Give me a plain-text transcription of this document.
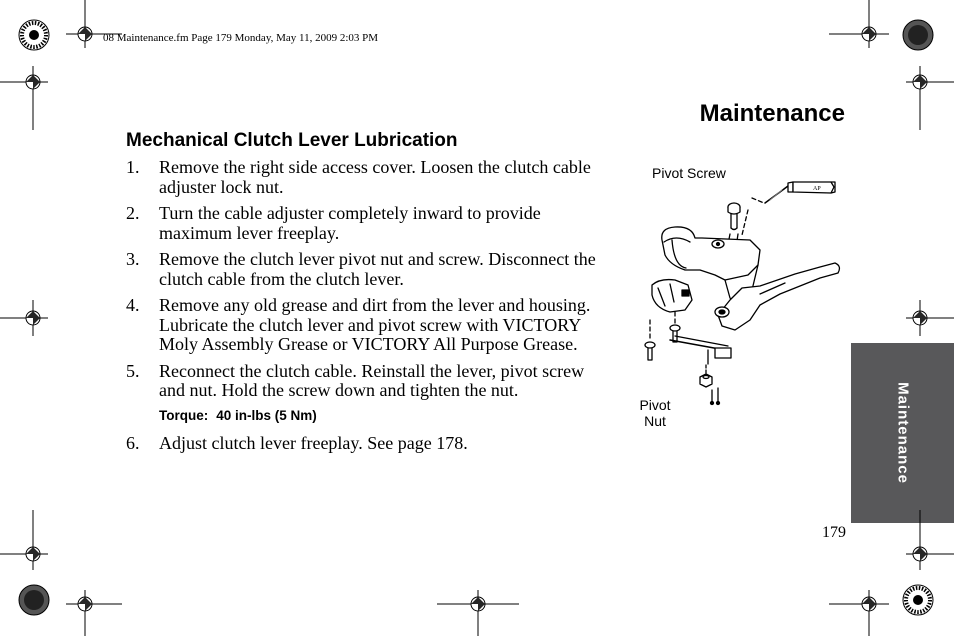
08 Maintenance.fm Page 179 Monday, May 11, 2009 2:03 PM
Maintenance
Mechanical Clutch Lever Lubrication
1.	Remove the right side access cover. Loosen the clutch cable adjuster lock nut.
2.	Turn the cable adjuster completely inward to provide maximum lever freeplay.
3.	Remove the clutch lever pivot nut and screw. Disconnect the clutch cable from the clutch lever.
4.	Remove any old grease and dirt from the lever and housing. Lubricate the clutch lever and pivot screw with VICTORY Moly Assembly Grease or VICTORY All Purpose Grease.
5.	Reconnect the clutch cable. Reinstall the lever, pivot screw and nut. Hold the screw down and tighten the nut.
Torque: 40 in-lbs (5 Nm)
6.	Adjust clutch lever freeplay. See page 178.
AP
Pivot Screw
Pivot Nut	Maintenance
179
